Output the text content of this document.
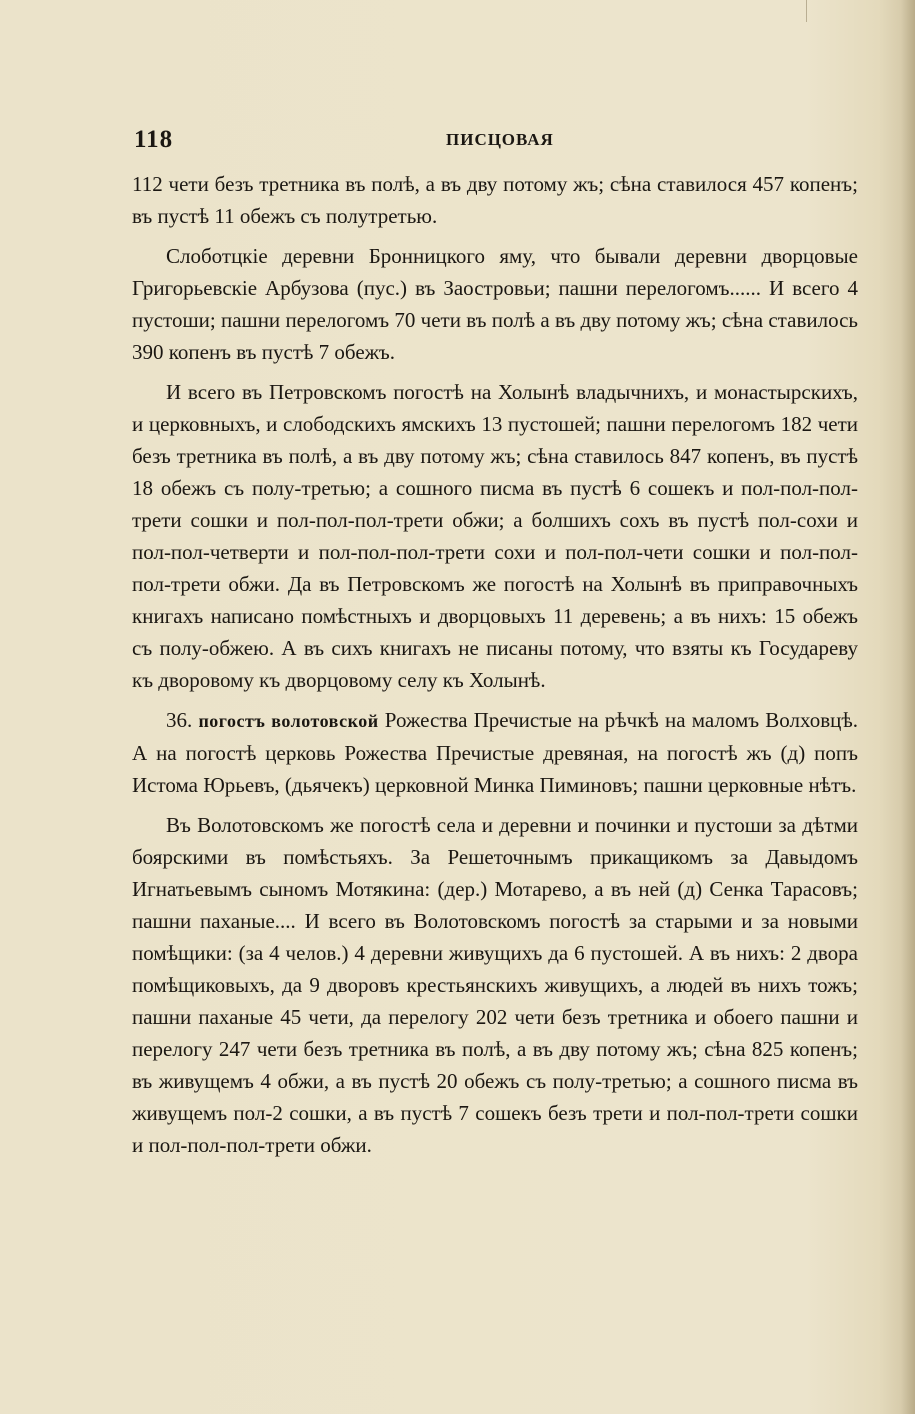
118	ПИСЦОВАЯ

112 чети безъ третника въ полѣ, а въ дву потому жъ; сѣна ставилося 457 копенъ; въ пустѣ 11 обежъ съ полутретью.

Слоботцкіе деревни Бронницкого яму, что бывали деревни дворцовые Григорьевскіе Арбузова (пус.) въ Заостровьи; пашни перелогомъ...... И всего 4 пустоши; пашни перелогомъ 70 чети въ полѣ а въ дву потому жъ; сѣна ставилось 390 копенъ въ пустѣ 7 обежъ.

И всего въ Петровскомъ погостѣ на Холынѣ владычнихъ, и монастырскихъ, и церковныхъ, и слободскихъ ямскихъ 13 пустошей; пашни перелогомъ 182 чети безъ третника въ полѣ, а въ дву потому жъ; сѣна ставилось 847 копенъ, въ пустѣ 18 обежъ съ полу-третью; а сошного писма въ пустѣ 6 сошекъ и пол-пол-пол-трети сошки и пол-пол-пол-трети обжи; а болшихъ сохъ въ пустѣ пол-сохи и пол-пол-четверти и пол-пол-пол-трети сохи и пол-пол-чети сошки и пол-пол-пол-трети обжи. Да въ Петровскомъ же погостѣ на Холынѣ въ приправочныхъ книгахъ написано помѣстныхъ и дворцовыхъ 11 деревень; а въ нихъ: 15 обежъ съ полу-обжею. А въ сихъ книгахъ не писаны потому, что взяты къ Государеву къ дворовому къ дворцовому селу къ Холынѣ.

36. погостъ волотовской Рожества Пречистые на рѣчкѣ на маломъ Волховцѣ. А на погостѣ церковь Рожества Пречистые древяная, на погостѣ жъ (д) попъ Истома Юрьевъ, (дьячекъ) церковной Минка Пиминовъ; пашни церковные нѣтъ.

Въ Волотовскомъ же погостѣ села и деревни и починки и пустоши за дѣтми боярскими въ помѣстьяхъ. За Решеточнымъ прикащикомъ за Давыдомъ Игнатьевымъ сыномъ Мотякина: (дер.) Мотарево, а въ ней (д) Сенка Тарасовъ; пашни паханые.... И всего въ Волотовскомъ погостѣ за старыми и за новыми помѣщики: (за 4 челов.) 4 деревни живущихъ да 6 пустошей. А въ нихъ: 2 двора помѣщиковыхъ, да 9 дворовъ крестьянскихъ живущихъ, а людей въ нихъ тожъ; пашни паханые 45 чети, да перелогу 202 чети безъ третника и обоего пашни и перелогу 247 чети безъ третника въ полѣ, а въ дву потому жъ; сѣна 825 копенъ; въ живущемъ 4 обжи, а въ пустѣ 20 обежъ съ полу-третью; а сошного писма въ живущемъ пол-2 сошки, а въ пустѣ 7 сошекъ безъ трети и пол-пол-трети сошки и пол-пол-пол-трети обжи.
